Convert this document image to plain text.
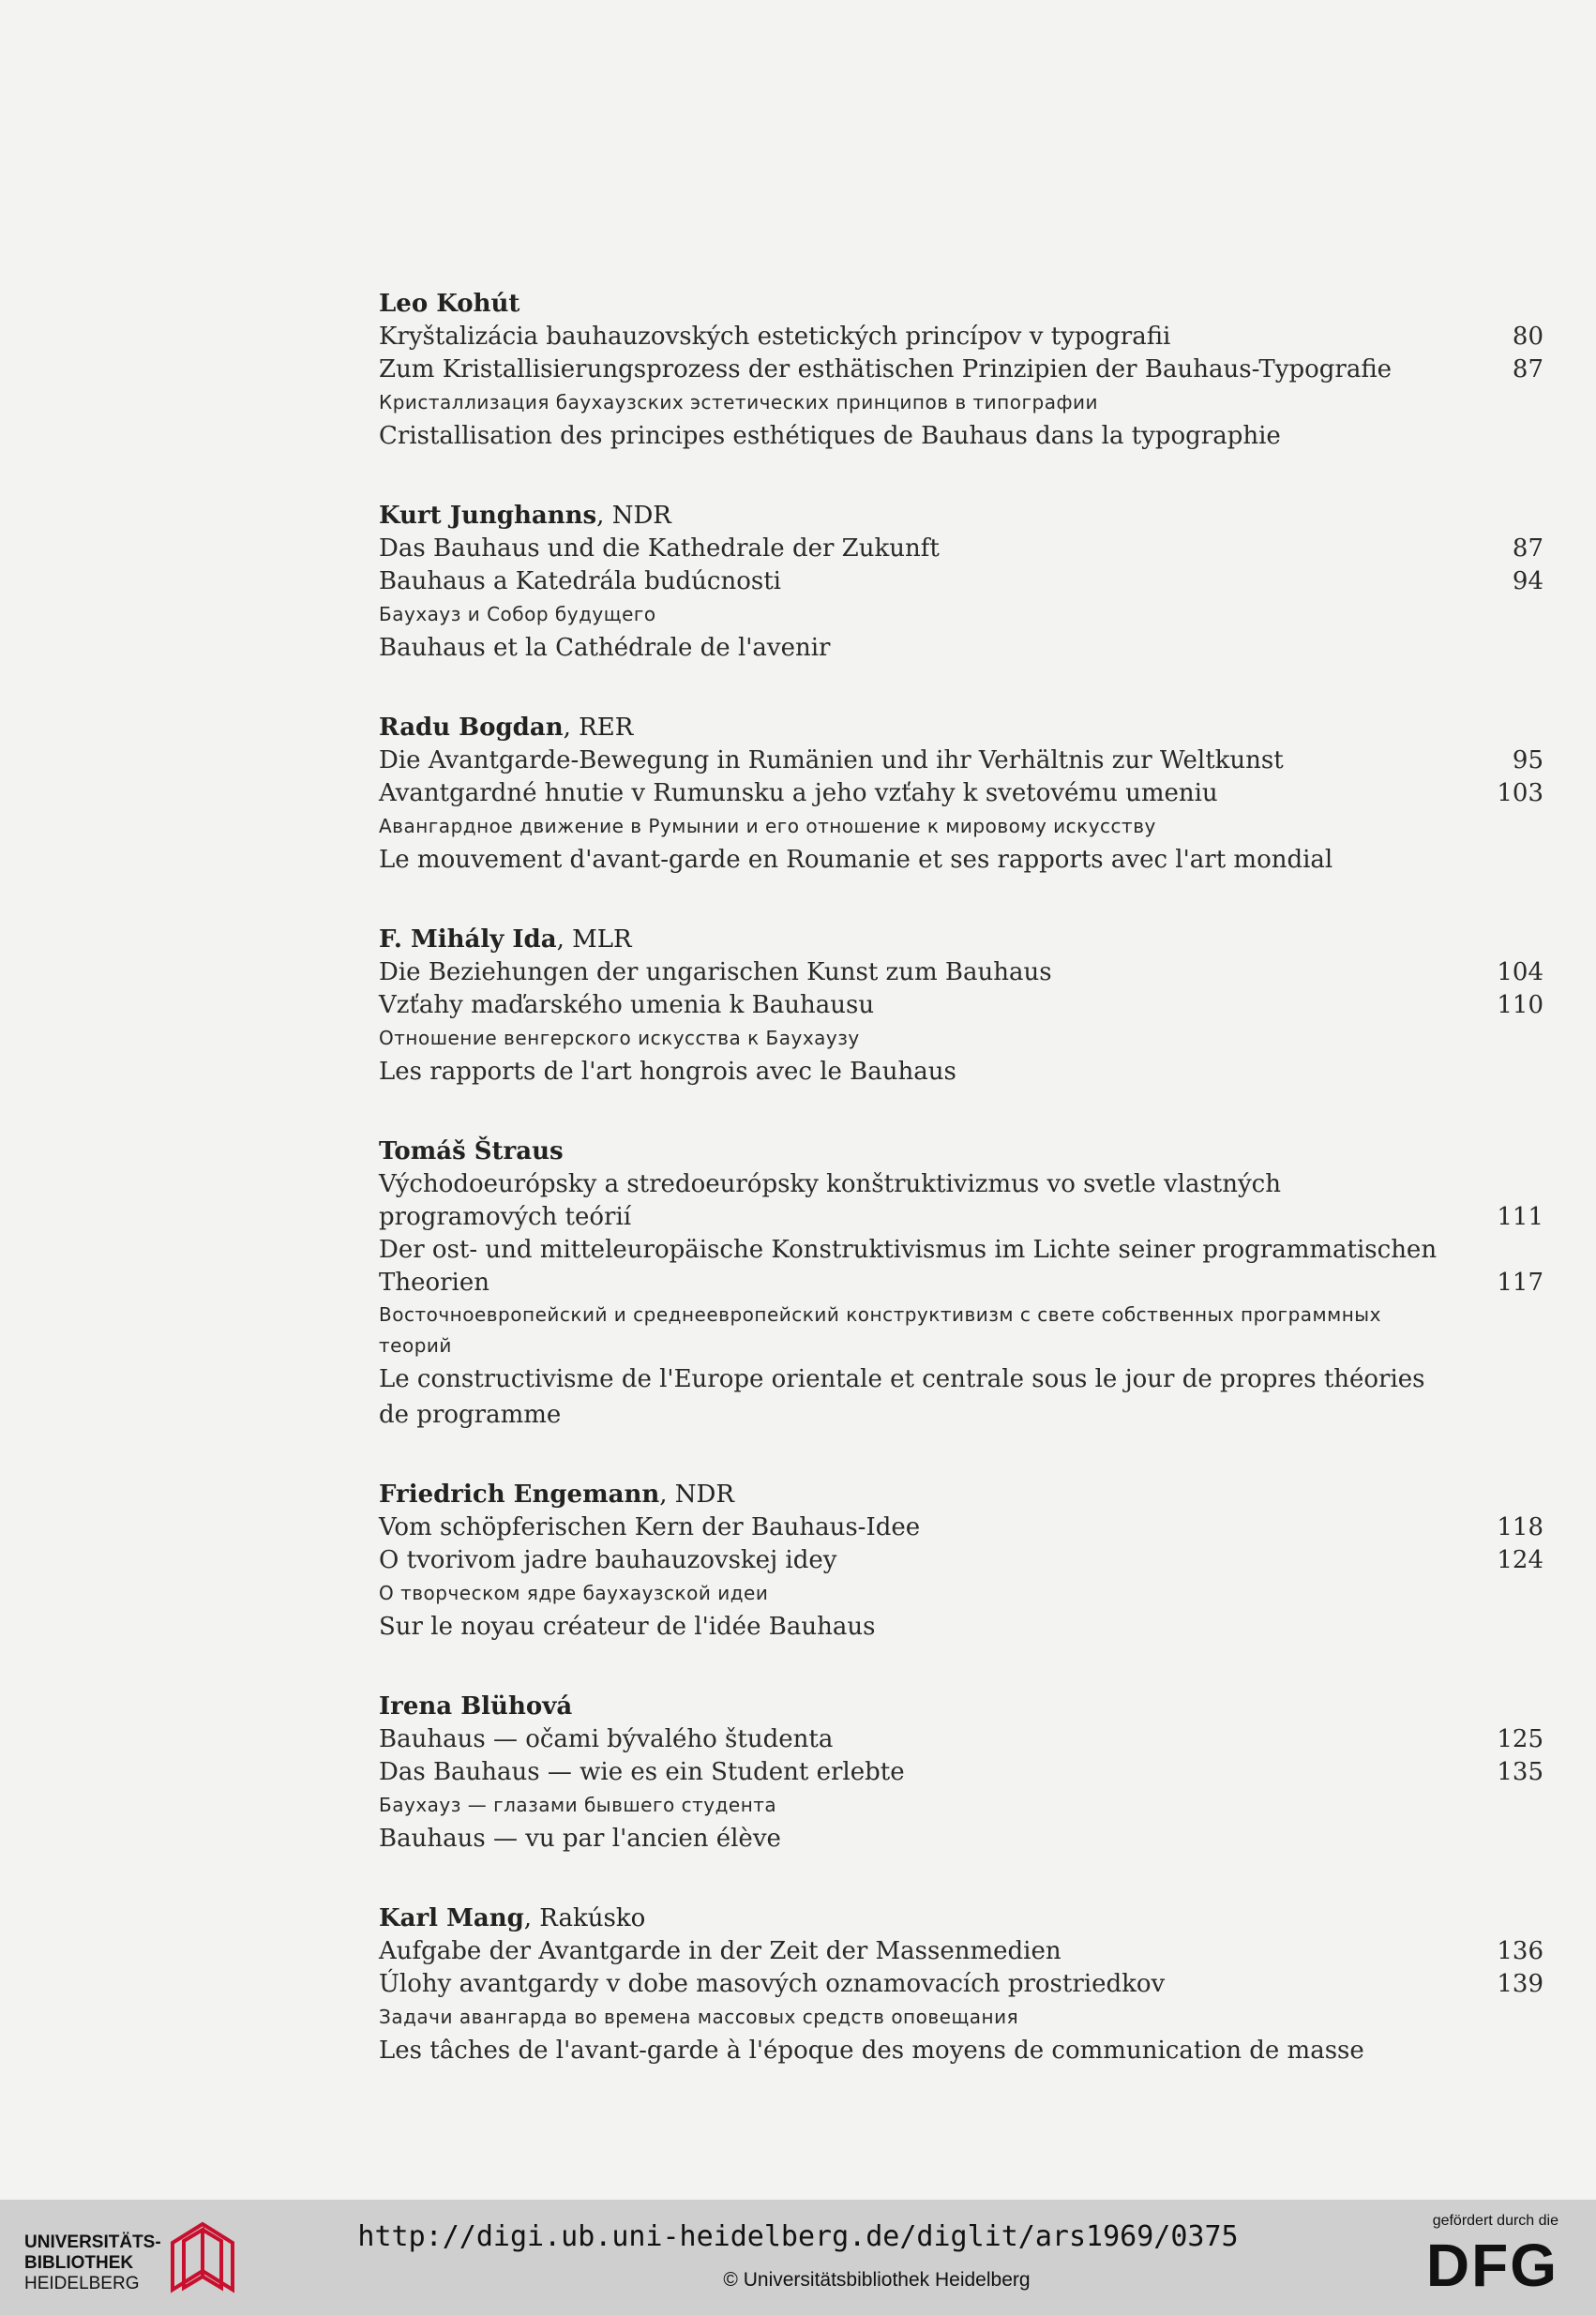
Leo Kohút
Kryštalizácia bauhauzovských estetických princípov v typografii	80
Zum Kristallisierungsprozess der esthätischen Prinzipien der Bauhaus-Typografie	87
Кристаллизация баухаузских эстетических принципов в типографии
Cristallisation des principes esthétiques de Bauhaus dans la typographie
Kurt Junghanns, NDR
Das Bauhaus und die Kathedrale der Zukunft	87
Bauhaus a Katedrála budúcnosti	94
Баухауз и Собор будущего
Bauhaus et la Cathédrale de l'avenir
Radu Bogdan, RER
Die Avantgarde-Bewegung in Rumänien und ihr Verhältnis zur Weltkunst	95
Avantgardné hnutie v Rumunsku a jeho vzťahy k svetovému umeniu	103
Авангардное движение в Румынии и его отношение к мировому искусству
Le mouvement d'avant-garde en Roumanie et ses rapports avec l'art mondial
F. Mihály Ida, MLR
Die Beziehungen der ungarischen Kunst zum Bauhaus	104
Vzťahy maďarského umenia k Bauhausu	110
Отношение венгерского искусства к Баухаузу
Les rapports de l'art hongrois avec le Bauhaus
Tomáš Štraus
Východoeurópsky a stredoeurópsky konštruktivizmus vo svetle vlastných programových teórií	111
Der ost- und mitteleuropäische Konstruktivismus im Lichte seiner programmatischen Theorien	117
Восточноевропейский и среднеевропейский конструктивизм с свете собственных программных теорий
Le constructivisme de l'Europe orientale et centrale sous le jour de propres théories de programme
Friedrich Engemann, NDR
Vom schöpferischen Kern der Bauhaus-Idee	118
O tvorivom jadre bauhauzovskej idey	124
О творческом ядре баухаузской идеи
Sur le noyau créateur de l'idée Bauhaus
Irena Blühová
Bauhaus — očami bývalého študenta	125
Das Bauhaus — wie es ein Student erlebte	135
Баухауз — глазами бывшего студента
Bauhaus — vu par l'ancien élève
Karl Mang, Rakúsko
Aufgabe der Avantgarde in der Zeit der Massenmedien	136
Úlohy avantgardy v dobe masových oznamovacích prostriedkov	139
Задачи авангарда во времена массовых средств оповещания
Les tâches de l'avant-garde à l'époque des moyens de communication de masse
UNIVERSITÄTS-
BIBLIOTHEK
HEIDELBERG
http://digi.ub.uni-heidelberg.de/diglit/ars1969/0375
© Universitätsbibliothek Heidelberg
gefördert durch die
DFG
